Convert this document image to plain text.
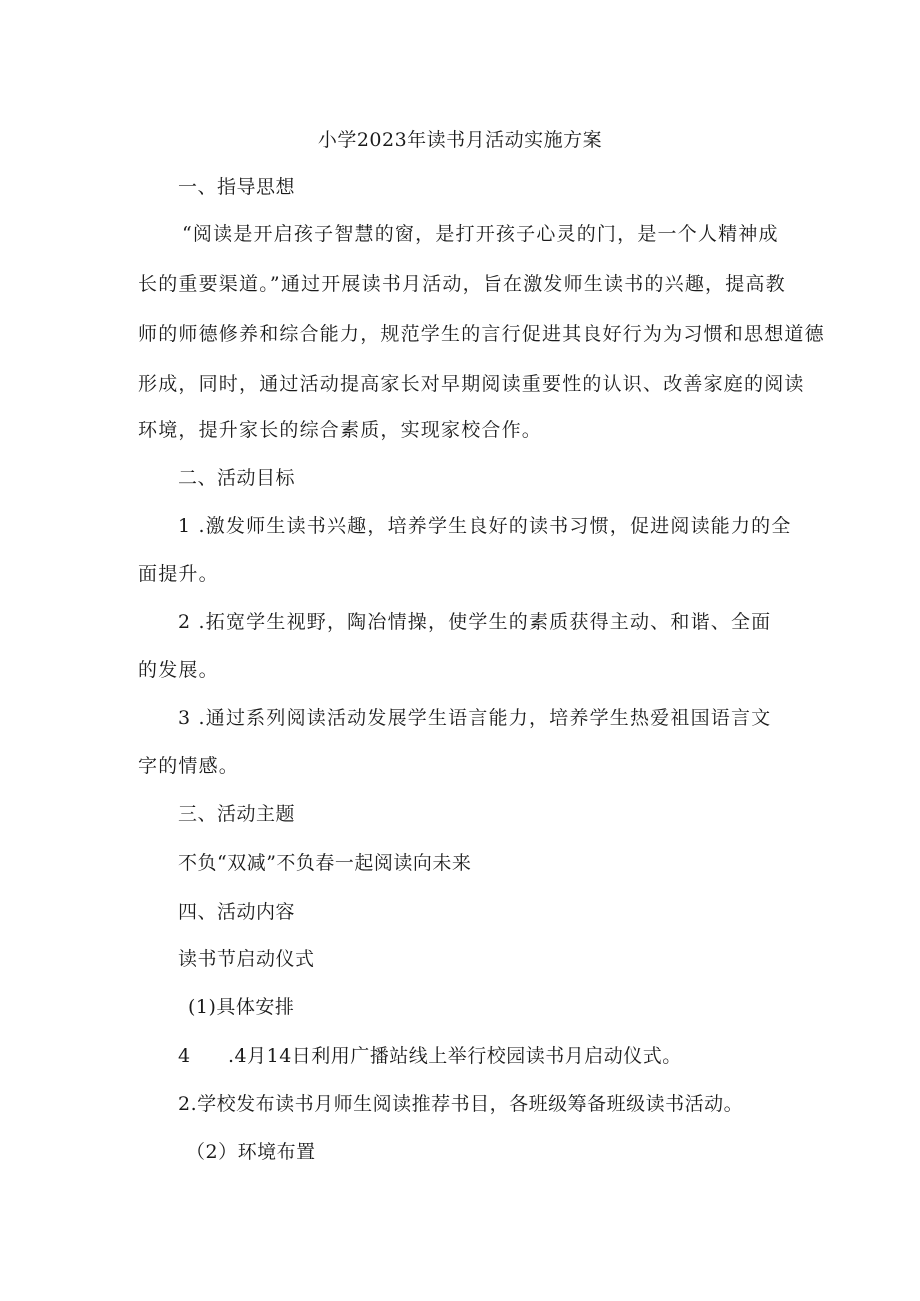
小学2023年读书月活动实施方案
一、指导思想
“阅读是开启孩子智慧的窗，是打开孩子心灵的门，是一个人精神成
长的重要渠道。”通过开展读书月活动，旨在激发师生读书的兴趣，提高教
师的师德修养和综合能力，规范学生的言行促进其良好行为为习惯和思想道德
形成，同时，通过活动提高家长对早期阅读重要性的认识、改善家庭的阅读
环境，提升家长的综合素质，实现家校合作。
二、活动目标
1 .激发师生读书兴趣，培养学生良好的读书习惯，促进阅读能力的全
面提升。
2 .拓宽学生视野，陶冶情操，使学生的素质获得主动、和谐、全面
的发展。
3 .通过系列阅读活动发展学生语言能力，培养学生热爱祖国语言文
字的情感。
三、活动主题
不负“双减”不负春一起阅读向未来
四、活动内容
读书节启动仪式
(1)具体安排
4 .4月14日利用广播站线上举行校园读书月启动仪式。
2.学校发布读书月师生阅读推荐书目，各班级筹备班级读书活动。
（2）环境布置
